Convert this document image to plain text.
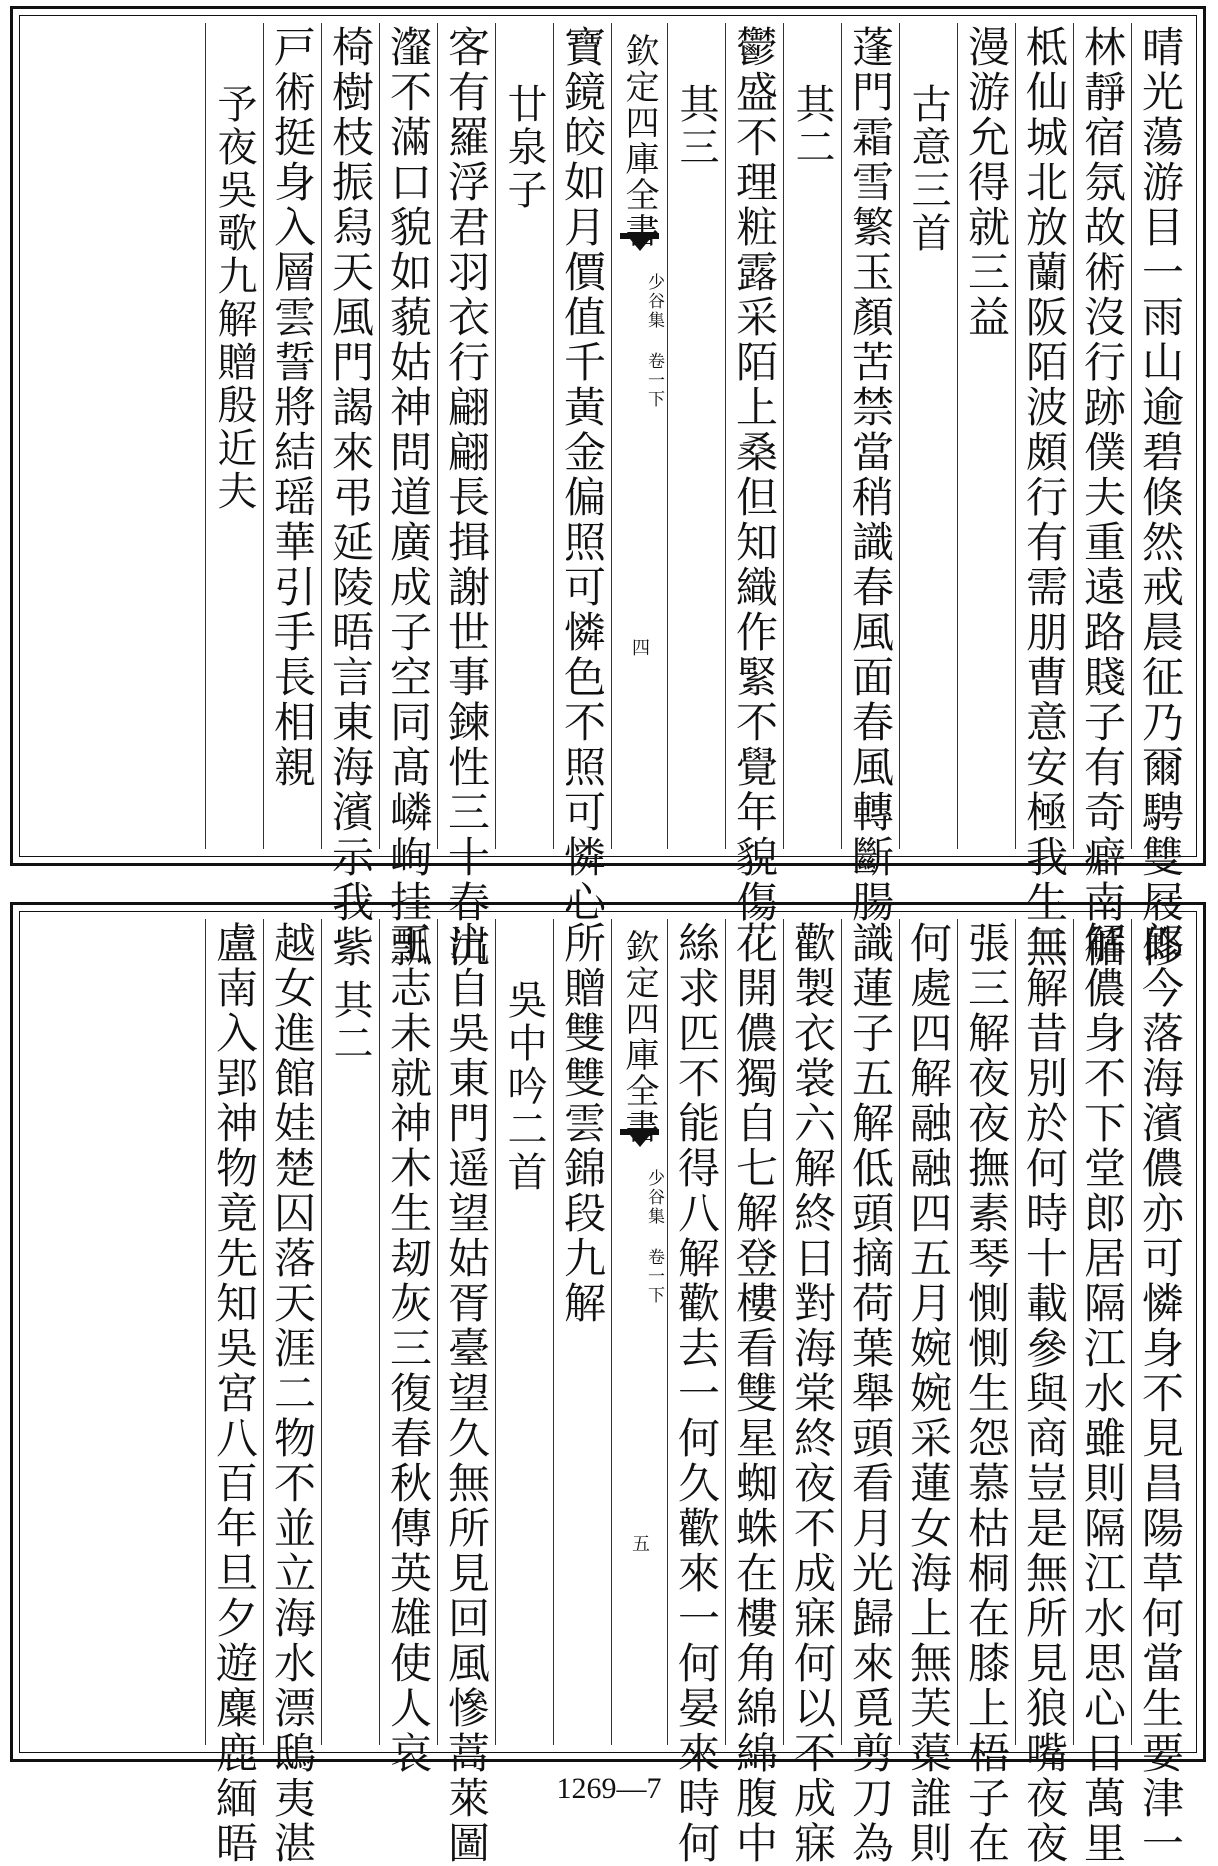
晴光蕩游目一雨山逾碧倏然戒晨征乃爾騁雙屐修
林靜宿氛故術沒行跡僕夫重遠路賤子有奇癖南循
柢仙城北放蘭阪陌波頗行有需朋曹意安極我生無
漫游允得就三益
古意三首
蓬門霜雪繁玉顏苦禁當稍識春風面春風轉斷腸
其二
鬱盛不理粧露采陌上桑但知織作緊不覺年貌傷
其三
欽定四庫全書
少谷集 卷一下
四
寶鏡皎如月價值千黃金偏照可憐色不照可憐心
廿泉子
客有羅浮君羽衣行翩翩長揖謝世事鍊性三十春沆
瀣不滿口貌如藐姑神問道廣成子空同髙嶙峋挂瓢
椅樹枝振舄天風門謁來弔延陵晤言東海濱示我紫
戸術挺身入層雲誓將結瑶華引手長相親
予夜吳歌九解贈殷近夫
郎今落海濱儂亦可憐身不見昌陽草何當生要津一
解儂身不下堂郎居隔江水雖則隔江水思心日萬里
二解昔別於何時十載參與商豈是無所見狼嘴夜夜
張三解夜夜撫素琴惻惻生怨慕枯桐在膝上梧子在
何處四解融融四五月婉婉采蓮女海上無芙蕖誰則
識蓮子五解低頭摘荷葉舉頭看月光歸來覓剪刀為
歡製衣裳六解終日對海棠終夜不成寐何以不成寐
花開儂獨自七解登樓看雙星蜘蛛在樓角綿綿腹中
絲求匹不能得八解歡去一何久歡來一何晏來時何
欽定四庫全書
少谷集 卷一下
五
所贈雙雙雲錦段九解
吳中吟二首
出自吳東門遥望姑胥臺望久無所見回風慘蒿萊圖
王志未就神木生刼灰三復春秋傳英雄使人哀
其二
越女進館娃楚囚落天涯二物不並立海水漂鴟夷湛
盧南入郢神物竟先知吳宮八百年旦夕遊麋鹿緬晤	1269—7
